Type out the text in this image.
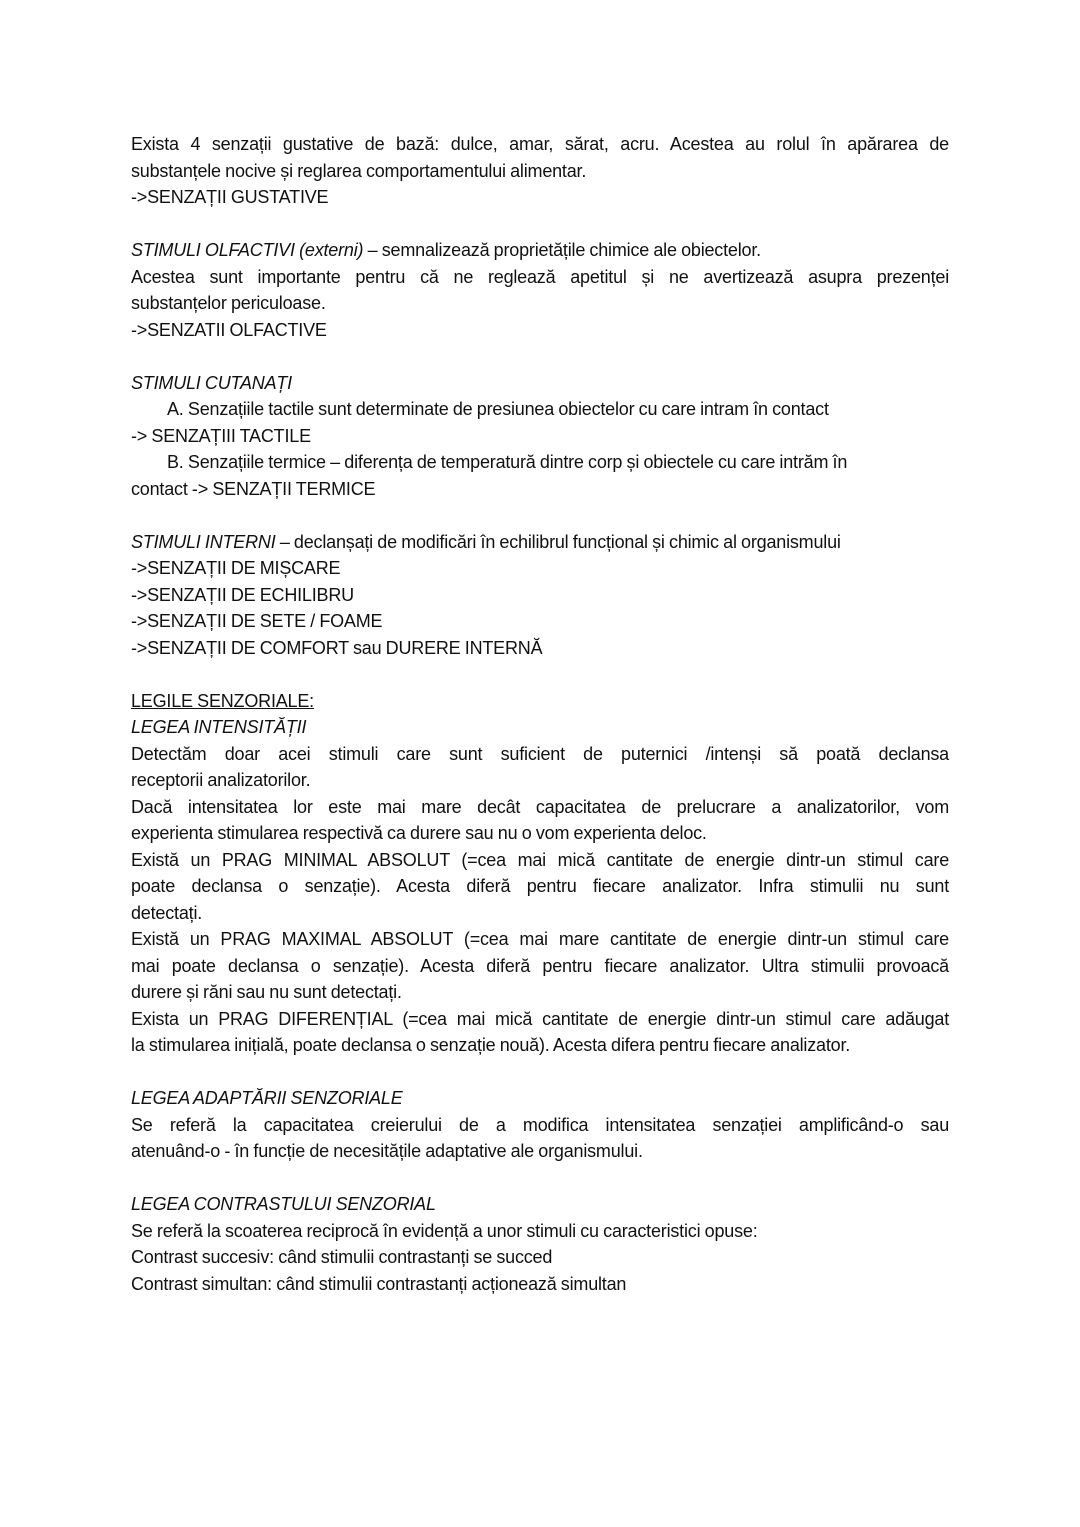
Exista 4 senzații gustative de bază: dulce, amar, sărat, acru. Acestea au rolul în apărarea de
substanțele nocive și reglarea comportamentului alimentar.
->SENZAȚII GUSTATIVE
STIMULI OLFACTIVI (externi) – semnalizează proprietățile chimice ale obiectelor.
Acestea sunt importante pentru că ne reglează apetitul și ne avertizează asupra prezenței
substanțelor periculoase.
->SENZATII OLFACTIVE
STIMULI CUTANAȚI
A. Senzațiile tactile sunt determinate de presiunea obiectelor cu care intram în contact
-> SENZAȚIII TACTILE
B. Senzațiile termice – diferența de temperatură dintre corp și obiectele cu care intrăm în
contact -> SENZAȚII TERMICE
STIMULI INTERNI – declanșați de modificări în echilibrul funcțional și chimic al organismului
->SENZAȚII DE MIȘCARE
->SENZAȚII DE ECHILIBRU
->SENZAȚII DE SETE / FOAME
->SENZAȚII DE COMFORT sau DURERE INTERNĂ
LEGILE SENZORIALE:
LEGEA INTENSITĂȚII
Detectăm doar acei stimuli care sunt suficient de puternici /intenși să poată declansa
receptorii analizatorilor.
Dacă intensitatea lor este mai mare decât capacitatea de prelucrare a analizatorilor, vom
experienta stimularea respectivă ca durere sau nu o vom experienta deloc.
Există un PRAG MINIMAL ABSOLUT (=cea mai mică cantitate de energie dintr-un stimul care
poate declansa o senzație). Acesta diferă pentru fiecare analizator. Infra stimulii nu sunt
detectați.
Există un PRAG MAXIMAL ABSOLUT (=cea mai mare cantitate de energie dintr-un stimul care
mai poate declansa o senzație). Acesta diferă pentru fiecare analizator. Ultra stimulii provoacă
durere și răni sau nu sunt detectați.
Exista un PRAG DIFERENȚIAL (=cea mai mică cantitate de energie dintr-un stimul care adăugat
la stimularea inițială, poate declansa o senzație nouă). Acesta difera pentru fiecare analizator.
LEGEA ADAPTĂRII SENZORIALE
Se referă la capacitatea creierului de a modifica intensitatea senzației amplificând-o sau
atenuând-o - în funcție de necesitățile adaptative ale organismului.
LEGEA CONTRASTULUI SENZORIAL
Se referă la scoaterea reciprocă în evidență a unor stimuli cu caracteristici opuse:
Contrast succesiv: când stimulii contrastanți se succed
Contrast simultan: când stimulii contrastanți acționează simultan
